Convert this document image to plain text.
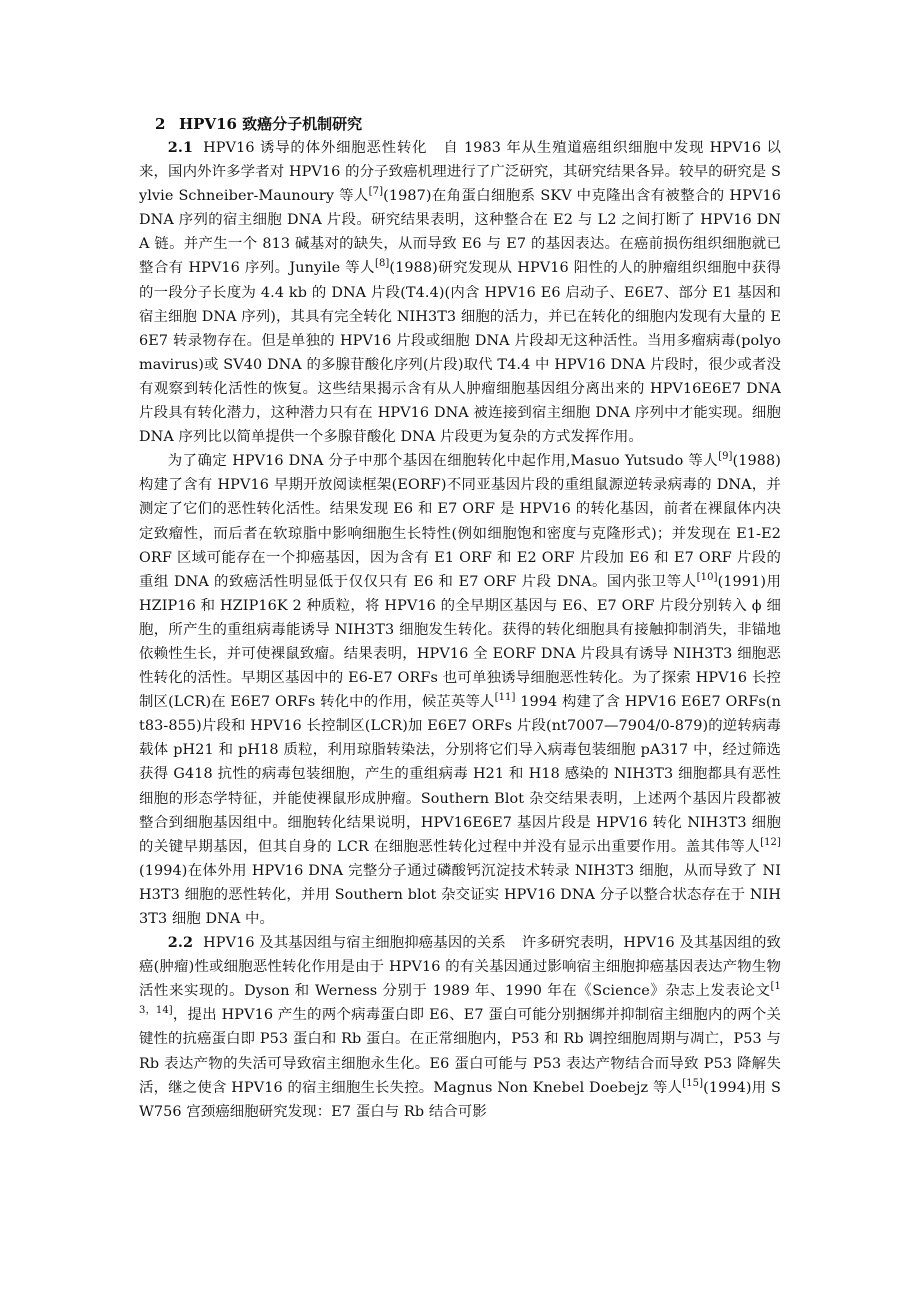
2 HPV16 致癌分子机制研究

2.1 HPV16 诱导的体外细胞恶性转化 自 1983 年从生殖道癌组织细胞中发现 HPV16 以来，国内外许多学者对 HPV16 的分子致癌机理进行了广泛研究，其研究结果各异。较早的研究是 Sylvie Schneiber-Maunoury 等人[7](1987)在角蛋白细胞系 SKV 中克隆出含有被整合的 HPV16 DNA 序列的宿主细胞 DNA 片段。研究结果表明，这种整合在 E2 与 L2 之间打断了 HPV16 DNA 链。并产生一个 813 碱基对的缺失，从而导致 E6 与 E7 的基因表达。在癌前损伤组织细胞就已整合有 HPV16 序列。Junyile 等人[8](1988)研究发现从 HPV16 阳性的人的肿瘤组织细胞中获得的一段分子长度为 4.4 kb 的 DNA 片段(T4.4)(内含 HPV16 E6 启动子、E6E7、部分 E1 基因和宿主细胞 DNA 序列)，其具有完全转化 NIH3T3 细胞的活力，并已在转化的细胞内发现有大量的 E6E7 转录物存在。但是单独的 HPV16 片段或细胞 DNA 片段却无这种活性。当用多瘤病毒(polyomavirus)或 SV40 DNA 的多腺苷酸化序列(片段)取代 T4.4 中 HPV16 DNA 片段时，很少或者没有观察到转化活性的恢复。这些结果揭示含有从人肿瘤细胞基因组分离出来的 HPV16E6E7 DNA 片段具有转化潜力，这种潜力只有在 HPV16 DNA 被连接到宿主细胞 DNA 序列中才能实现。细胞 DNA 序列比以简单提供一个多腺苷酸化 DNA 片段更为复杂的方式发挥作用。

为了确定 HPV16 DNA 分子中那个基因在细胞转化中起作用,Masuo Yutsudo 等人[9](1988)构建了含有 HPV16 早期开放阅读框架(EORF)不同亚基因片段的重组鼠源逆转录病毒的 DNA，并测定了它们的恶性转化活性。结果发现 E6 和 E7 ORF 是 HPV16 的转化基因，前者在裸鼠体内决定致瘤性，而后者在软琼脂中影响细胞生长特性(例如细胞饱和密度与克隆形式)；并发现在 E1-E2 ORF 区域可能存在一个抑癌基因，因为含有 E1 ORF 和 E2 ORF 片段加 E6 和 E7 ORF 片段的重组 DNA 的致癌活性明显低于仅仅只有 E6 和 E7 ORF 片段 DNA。国内张卫等人[10](1991)用 HZIP16 和 HZIP16K 2 种质粒，将 HPV16 的全早期区基因与 E6、E7 ORF 片段分别转入 ϕ 细胞，所产生的重组病毒能诱导 NIH3T3 细胞发生转化。获得的转化细胞具有接触抑制消失，非锚地依赖性生长，并可使裸鼠致瘤。结果表明，HPV16 全 EORF DNA 片段具有诱导 NIH3T3 细胞恶性转化的活性。早期区基因中的 E6-E7 ORFs 也可单独诱导细胞恶性转化。为了探索 HPV16 长控制区(LCR)在 E6E7 ORFs 转化中的作用，候芷英等人[11] 1994 构建了含 HPV16 E6E7 ORFs(nt83-855)片段和 HPV16 长控制区(LCR)加 E6E7 ORFs 片段(nt7007—7904/0-879)的逆转病毒载体 pH21 和 pH18 质粒，利用琼脂转染法，分别将它们导入病毒包装细胞 pA317 中，经过筛选获得 G418 抗性的病毒包装细胞，产生的重组病毒 H21 和 H18 感染的 NIH3T3 细胞都具有恶性细胞的形态学特征，并能使裸鼠形成肿瘤。Southern Blot 杂交结果表明，上述两个基因片段都被整合到细胞基因组中。细胞转化结果说明，HPV16E6E7 基因片段是 HPV16 转化 NIH3T3 细胞的关键早期基因，但其自身的 LCR 在细胞恶性转化过程中并没有显示出重要作用。盖其伟等人[12](1994)在体外用 HPV16 DNA 完整分子通过磷酸钙沉淀技术转录 NIH3T3 细胞，从而导致了 NIH3T3 细胞的恶性转化，并用 Southern blot 杂交证实 HPV16 DNA 分子以整合状态存在于 NIH3T3 细胞 DNA 中。

2.2 HPV16 及其基因组与宿主细胞抑癌基因的关系 许多研究表明，HPV16 及其基因组的致癌(肿瘤)性或细胞恶性转化作用是由于 HPV16 的有关基因通过影响宿主细胞抑癌基因表达产物生物活性来实现的。Dyson 和 Werness 分别于 1989 年、1990 年在《Science》杂志上发表论文[13，14]，提出 HPV16 产生的两个病毒蛋白即 E6、E7 蛋白可能分别捆绑并抑制宿主细胞内的两个关键性的抗癌蛋白即 P53 蛋白和 Rb 蛋白。在正常细胞内，P53 和 Rb 调控细胞周期与凋亡，P53 与 Rb 表达产物的失活可导致宿主细胞永生化。E6 蛋白可能与 P53 表达产物结合而导致 P53 降解失活，继之使含 HPV16 的宿主细胞生长失控。Magnus Non Knebel Doebejz 等人[15](1994)用 SW756 宫颈癌细胞研究发现：E7 蛋白与 Rb 结合可影
